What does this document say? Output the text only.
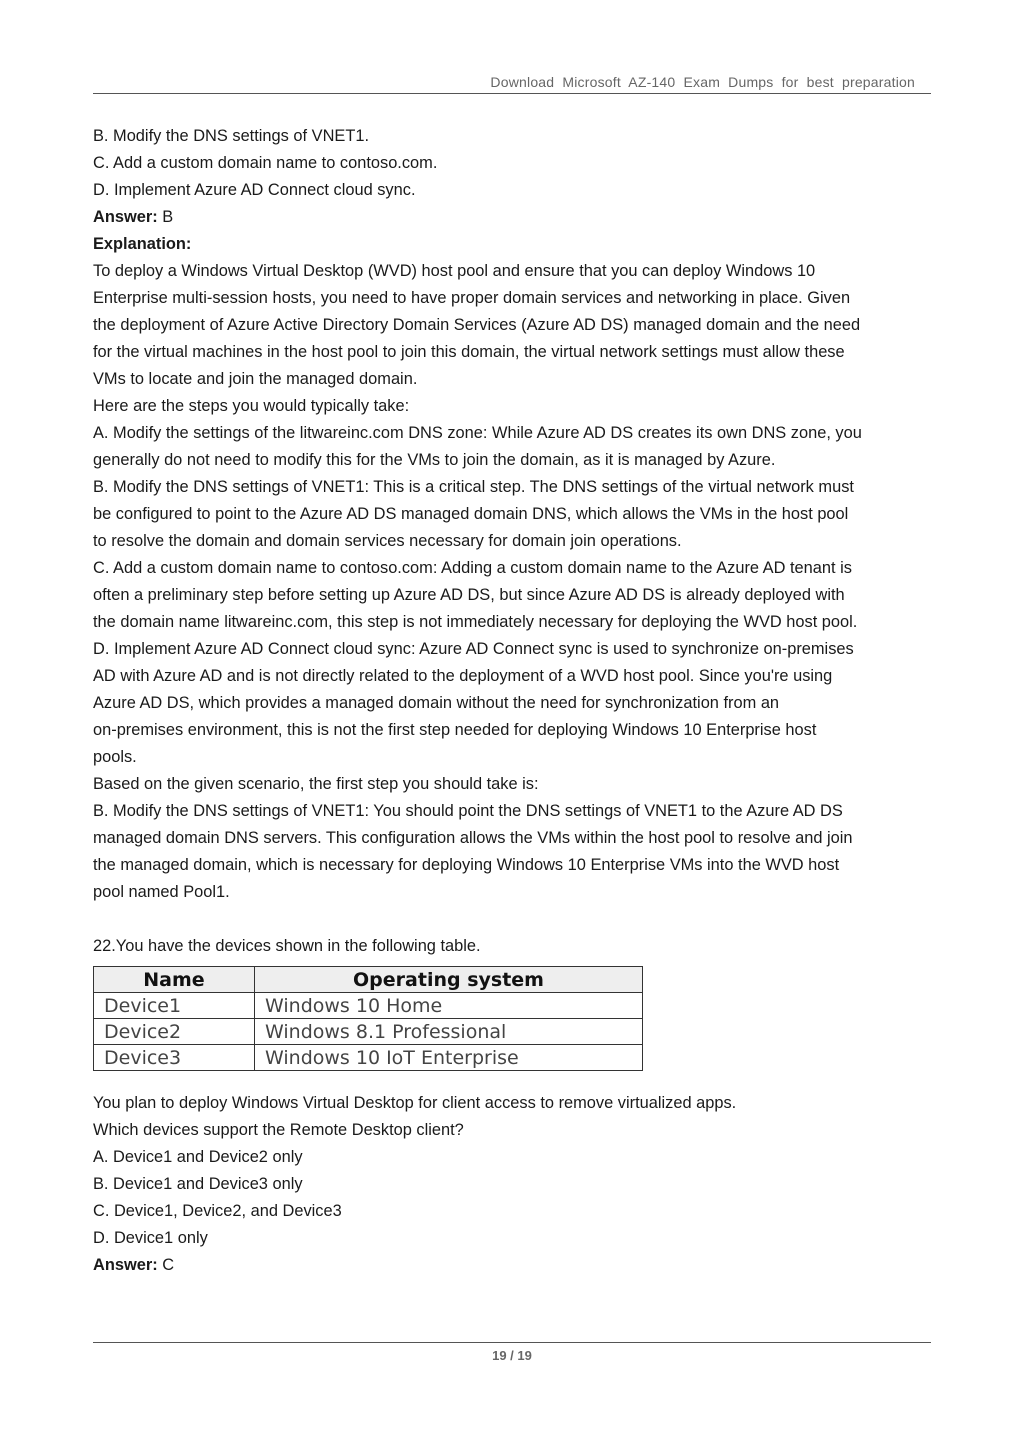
Download Microsoft AZ-140 Exam Dumps for best preparation
B. Modify the DNS settings of VNET1.
C. Add a custom domain name to contoso.com.
D. Implement Azure AD Connect cloud sync.
Answer: B
Explanation:
To deploy a Windows Virtual Desktop (WVD) host pool and ensure that you can deploy Windows 10
Enterprise multi-session hosts, you need to have proper domain services and networking in place. Given
the deployment of Azure Active Directory Domain Services (Azure AD DS) managed domain and the need
for the virtual machines in the host pool to join this domain, the virtual network settings must allow these
VMs to locate and join the managed domain.
Here are the steps you would typically take:
A. Modify the settings of the litwareinc.com DNS zone: While Azure AD DS creates its own DNS zone, you
generally do not need to modify this for the VMs to join the domain, as it is managed by Azure.
B. Modify the DNS settings of VNET1: This is a critical step. The DNS settings of the virtual network must
be configured to point to the Azure AD DS managed domain DNS, which allows the VMs in the host pool
to resolve the domain and domain services necessary for domain join operations.
C. Add a custom domain name to contoso.com: Adding a custom domain name to the Azure AD tenant is
often a preliminary step before setting up Azure AD DS, but since Azure AD DS is already deployed with
the domain name litwareinc.com, this step is not immediately necessary for deploying the WVD host pool.
D. Implement Azure AD Connect cloud sync: Azure AD Connect sync is used to synchronize on-premises
AD with Azure AD and is not directly related to the deployment of a WVD host pool. Since you're using
Azure AD DS, which provides a managed domain without the need for synchronization from an
on-premises environment, this is not the first step needed for deploying Windows 10 Enterprise host
pools.
Based on the given scenario, the first step you should take is:
B. Modify the DNS settings of VNET1: You should point the DNS settings of VNET1 to the Azure AD DS
managed domain DNS servers. This configuration allows the VMs within the host pool to resolve and join
the managed domain, which is necessary for deploying Windows 10 Enterprise VMs into the WVD host
pool named Pool1.
22.You have the devices shown in the following table.
Name	Operating system
Device1	Windows 10 Home
Device2	Windows 8.1 Professional
Device3	Windows 10 IoT Enterprise
You plan to deploy Windows Virtual Desktop for client access to remove virtualized apps.
Which devices support the Remote Desktop client?
A. Device1 and Device2 only
B. Device1 and Device3 only
C. Device1, Device2, and Device3
D. Device1 only
Answer: C
19 / 19
